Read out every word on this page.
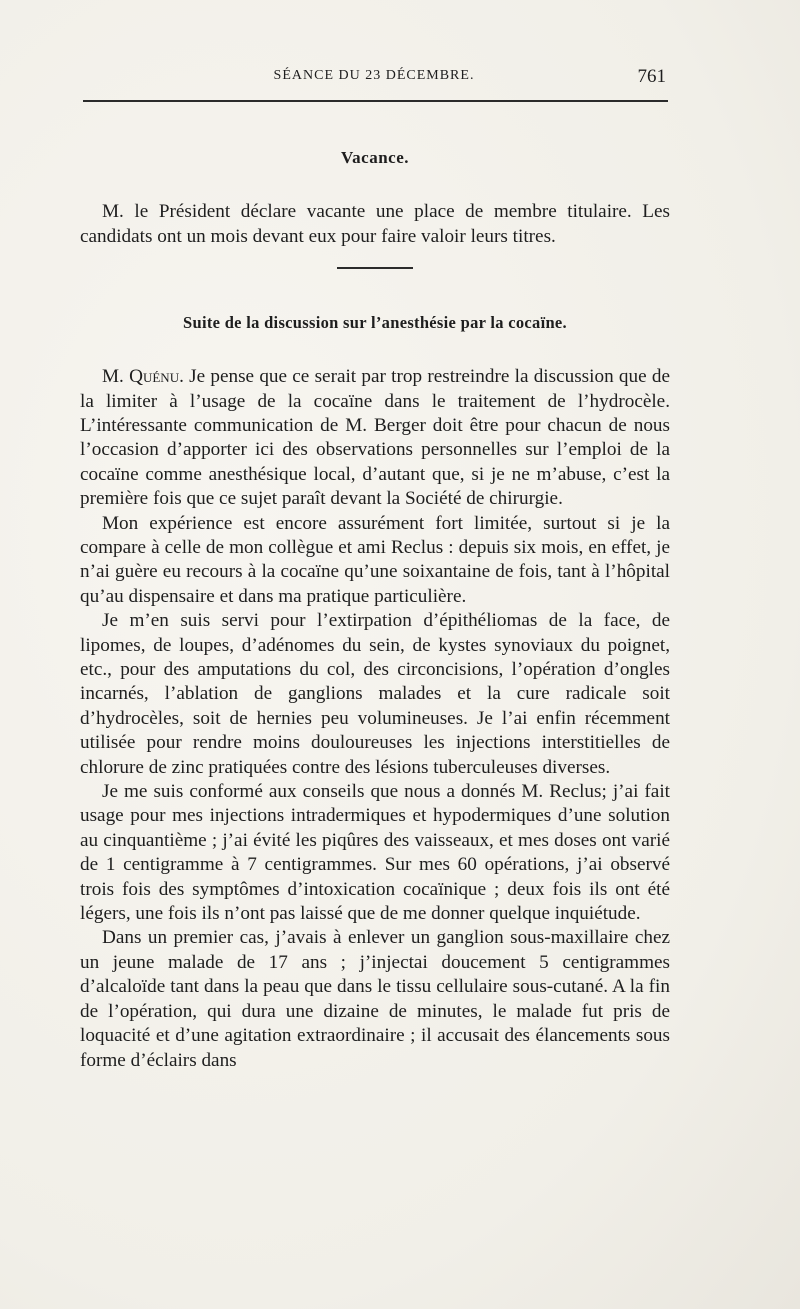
SÉANCE DU 23 DÉCEMBRE.	761
Vacance.

M. le Président déclare vacante une place de membre titulaire. Les candidats ont un mois devant eux pour faire valoir leurs titres.

Suite de la discussion sur l’anesthésie par la cocaïne.

M. Quénu. Je pense que ce serait par trop restreindre la discussion que de la limiter à l’usage de la cocaïne dans le traitement de l’hydrocèle. L’intéressante communication de M. Berger doit être pour chacun de nous l’occasion d’apporter ici des observations personnelles sur l’emploi de la cocaïne comme anesthésique local, d’autant que, si je ne m’abuse, c’est la première fois que ce sujet paraît devant la Société de chirurgie.

Mon expérience est encore assurément fort limitée, surtout si je la compare à celle de mon collègue et ami Reclus : depuis six mois, en effet, je n’ai guère eu recours à la cocaïne qu’une soixantaine de fois, tant à l’hôpital qu’au dispensaire et dans ma pratique particulière.

Je m’en suis servi pour l’extirpation d’épithéliomas de la face, de lipomes, de loupes, d’adénomes du sein, de kystes synoviaux du poignet, etc., pour des amputations du col, des circoncisions, l’opération d’ongles incarnés, l’ablation de ganglions malades et la cure radicale soit d’hydrocèles, soit de hernies peu volumineuses. Je l’ai enfin récemment utilisée pour rendre moins douloureuses les injections interstitielles de chlorure de zinc pratiquées contre des lésions tuberculeuses diverses.

Je me suis conformé aux conseils que nous a donnés M. Reclus; j’ai fait usage pour mes injections intradermiques et hypodermiques d’une solution au cinquantième ; j’ai évité les piqûres des vaisseaux, et mes doses ont varié de 1 centigramme à 7 centigrammes. Sur mes 60 opérations, j’ai observé trois fois des symptômes d’intoxication cocaïnique ; deux fois ils ont été légers, une fois ils n’ont pas laissé que de me donner quelque inquiétude.

Dans un premier cas, j’avais à enlever un ganglion sous-maxillaire chez un jeune malade de 17 ans ; j’injectai doucement 5 centigrammes d’alcaloïde tant dans la peau que dans le tissu cellulaire sous-cutané. A la fin de l’opération, qui dura une dizaine de minutes, le malade fut pris de loquacité et d’une agitation extraordinaire ; il accusait des élancements sous forme d’éclairs dans
